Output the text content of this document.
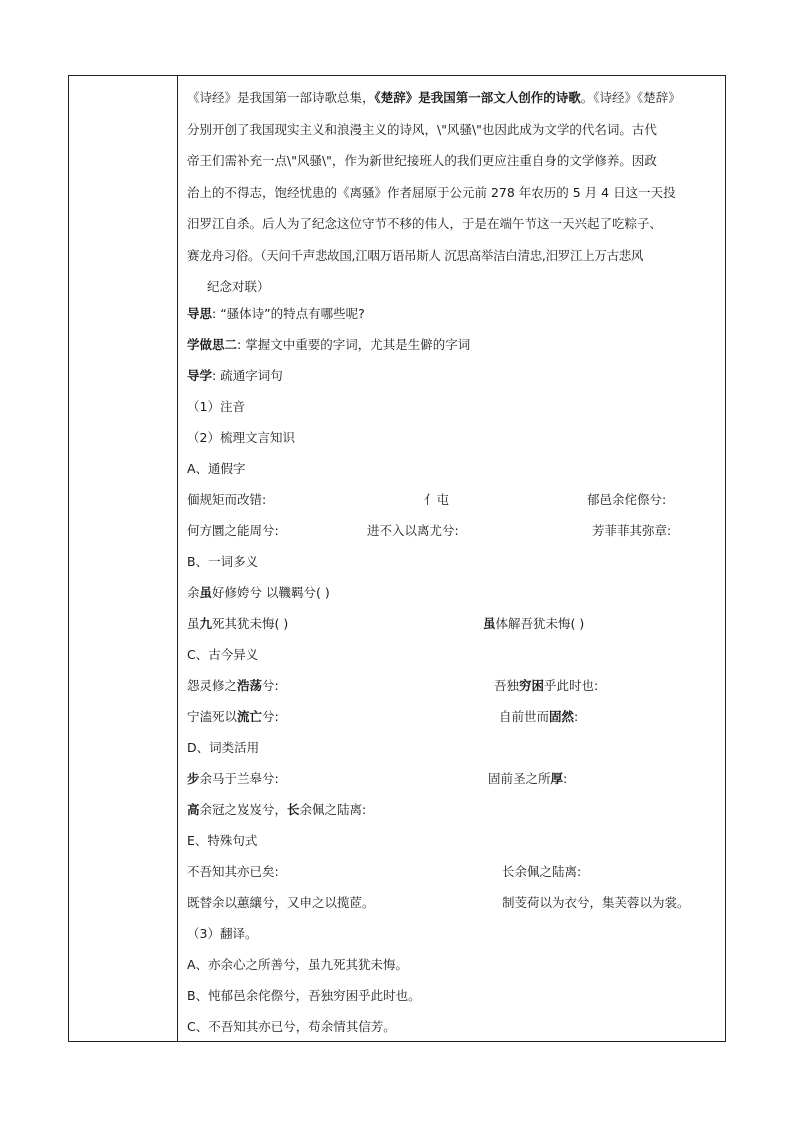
《诗经》是我国第一部诗歌总集，《楚辞》是我国第一部文人创作的诗歌。《诗经》《楚辞》
分别开创了我国现实主义和浪漫主义的诗风，\"风骚\"也因此成为文学的代名词。古代
帝王们需补充一点\"风骚\"，作为新世纪接班人的我们更应注重自身的文学修养。因政
治上的不得志，饱经忧患的《离骚》作者屈原于公元前 278 年农历的 5 月 4 日这一天投
汨罗江自杀。后人为了纪念这位守节不移的伟人，于是在端午节这一天兴起了吃粽子、
赛龙舟习俗。（天问千声悲故国,江咽万语吊斯人 沉思高举洁白清忠,汨罗江上万古悲风
纪念对联）
导思: “骚体诗”的特点有哪些呢?
学做思二: 掌握文中重要的字词，尤其是生僻的字词
导学: 疏通字词句
（1）注音
（2）梳理文言知识
A、通假字
偭规矩而改错:	亻屯	郁邑余侘傺兮:
何方圜之能周兮:	进不入以离尤兮:	芳菲菲其弥章:
B、一词多义
余虽好修姱兮 以鞿羁兮( )
虽九死其犹未悔( )	虽体解吾犹未悔( )
C、古今异义
怨灵修之浩荡兮:	吾独穷困乎此时也:
宁溘死以流亡兮:	自前世而固然:
D、词类活用
步余马于兰皋兮:	固前圣之所厚:
高余冠之岌岌兮，长余佩之陆离:
E、特殊句式
不吾知其亦已矣:	长余佩之陆离:
既替余以蕙纕兮，又申之以揽茝。	制芰荷以为衣兮，集芙蓉以为裳。
（3）翻译。
A、亦余心之所善兮，虽九死其犹未悔。
B、忳郁邑余侘傺兮，吾独穷困乎此时也。
C、不吾知其亦已兮，苟余情其信芳。
